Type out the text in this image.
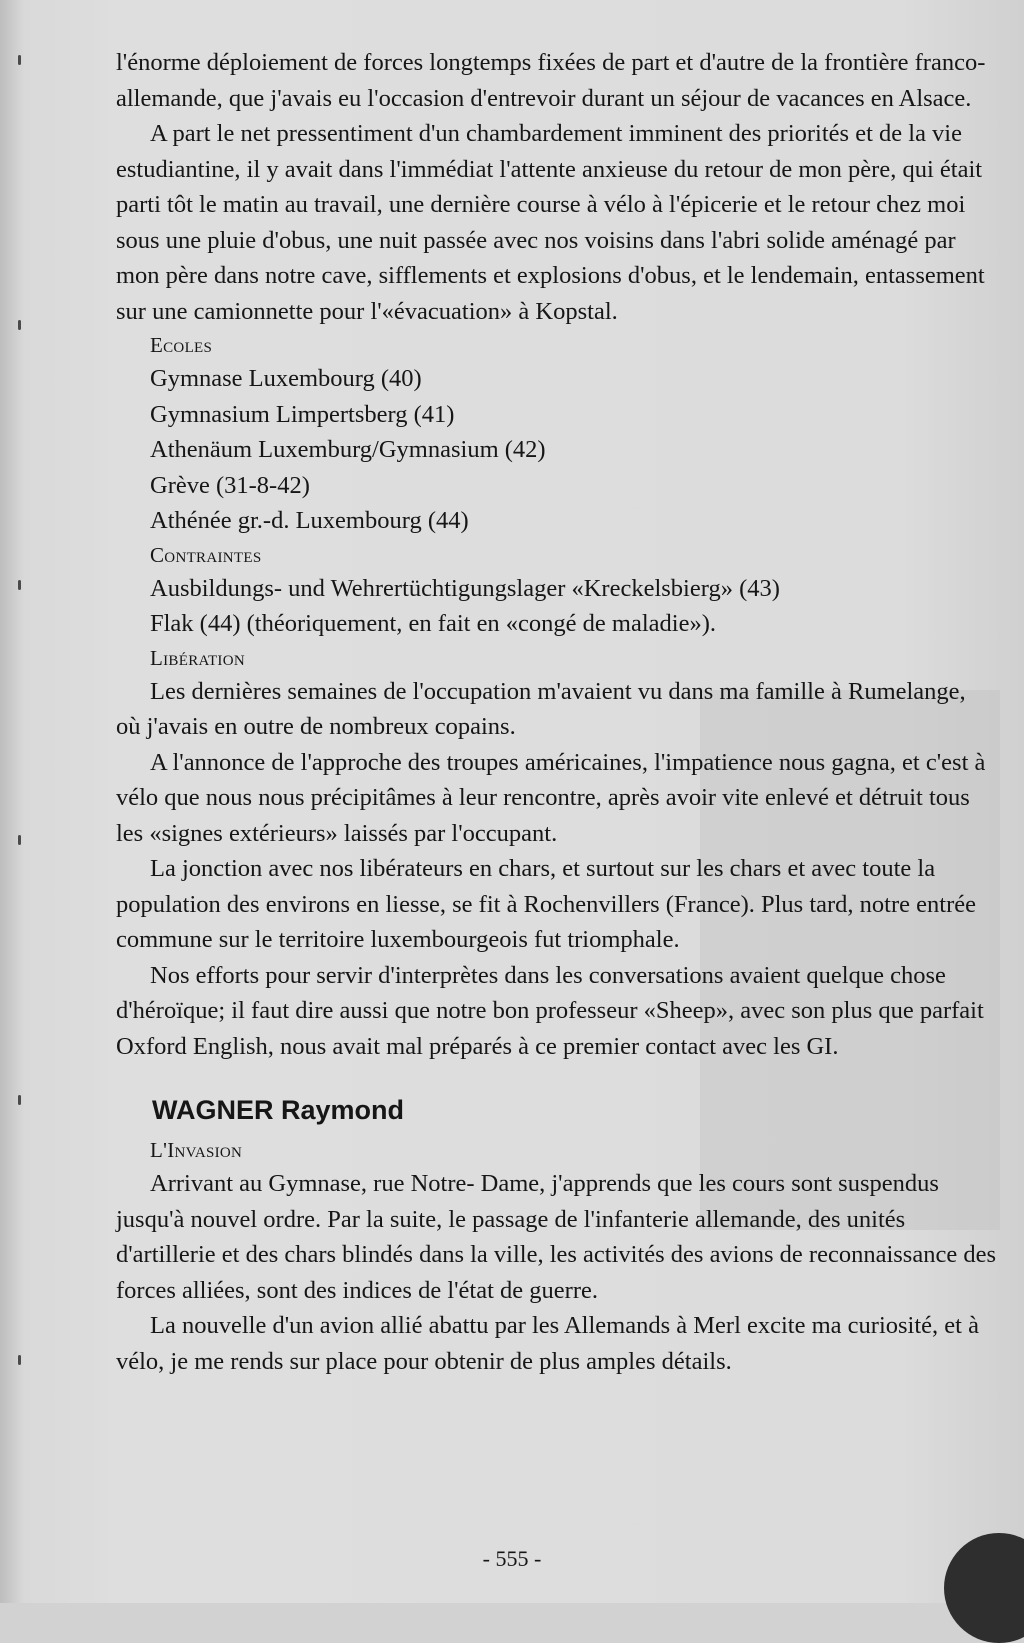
l'énorme déploiement de forces longtemps fixées de part et d'autre de la frontière franco-allemande, que j'avais eu l'occasion d'entrevoir durant un séjour de vacances en Alsace.

A part le net pressentiment d'un chambardement imminent des priorités et de la vie estudiantine, il y avait dans l'immédiat l'attente anxieuse du retour de mon père, qui était parti tôt le matin au travail, une dernière course à vélo à l'épicerie et le retour chez moi sous une pluie d'obus, une nuit passée avec nos voisins dans l'abri solide aménagé par mon père dans notre cave, sifflements et explosions d'obus, et le lendemain, entassement sur une camionnette pour l'«évacuation» à Kopstal.

Ecoles
Gymnase Luxembourg (40)
Gymnasium Limpertsberg (41)
Athenäum Luxemburg/Gymnasium (42)
Grève (31-8-42)
Athénée gr.-d. Luxembourg (44)
Contraintes
Ausbildungs- und Wehrertüchtigungslager «Kreckelsbierg» (43)
Flak (44) (théoriquement, en fait en «congé de maladie»).
Libération

Les dernières semaines de l'occupation m'avaient vu dans ma famille à Rumelange, où j'avais en outre de nombreux copains.

A l'annonce de l'approche des troupes américaines, l'impatience nous gagna, et c'est à vélo que nous nous précipitâmes à leur rencontre, après avoir vite enlevé et détruit tous les «signes extérieurs» laissés par l'occupant.

La jonction avec nos libérateurs en chars, et surtout sur les chars et avec toute la population des environs en liesse, se fit à Rochenvillers (France). Plus tard, notre entrée commune sur le territoire luxembourgeois fut triomphale.

Nos efforts pour servir d'interprètes dans les conversations avaient quelque chose d'héroïque; il faut dire aussi que notre bon professeur «Sheep», avec son plus que parfait Oxford English, nous avait mal préparés à ce premier contact avec les GI.

WAGNER Raymond
L'Invasion

Arrivant au Gymnase, rue Notre- Dame, j'apprends que les cours sont suspendus jusqu'à nouvel ordre. Par la suite, le passage de l'infanterie allemande, des unités d'artillerie et des chars blindés dans la ville, les activités des avions de reconnaissance des forces alliées, sont des indices de l'état de guerre.

La nouvelle d'un avion allié abattu par les Allemands à Merl excite ma curiosité, et à vélo, je me rends sur place pour obtenir de plus amples détails.

- 555 -
